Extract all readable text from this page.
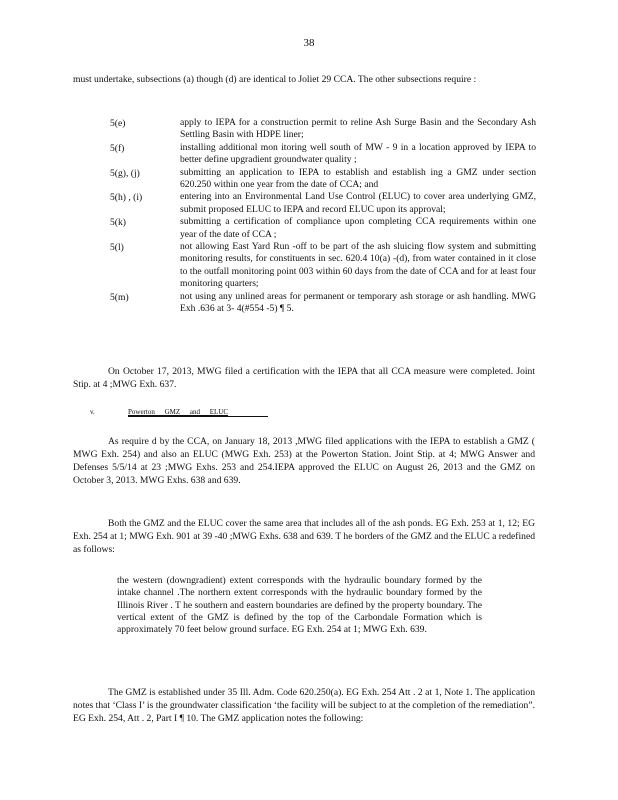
38
must undertake, subsections (a) though (d) are identical to Joliet 29 CCA. The other subsections require :
5(e)	apply to IEPA for a construction permit to reline Ash Surge Basin and the Secondary Ash Settling Basin with HDPE liner;
5(f)	installing additional mon itoring well south of MW - 9 in a location approved by IEPA to better define upgradient groundwater quality ;
5(g), (j)	submitting an application to IEPA to establish and establish ing a GMZ under section 620.250 within one year from the date of CCA; and
5(h) , (i)	entering into an Environmental Land Use Control (ELUC) to cover area underlying GMZ, submit proposed ELUC to IEPA and record ELUC upon its approval;
5(k)	submitting a certification of compliance upon completing CCA requirements within one year of the date of CCA ;
5(l)	not allowing East Yard Run -off to be part of the ash sluicing flow system and submitting monitoring results, for constituents in sec. 620.4 10(a) -(d), from water contained in it close to the outfall monitoring point 003 within 60 days from the date of CCA and for at least four monitoring quarters;
5(m)	not using any unlined areas for permanent or temporary ash storage or ash handling. MWG Exh .636 at 3- 4(#554 -5) ¶ 5.
On October 17, 2013, MWG filed a certification with the IEPA that all CCA measure were completed. Joint Stip. at 4 ;MWG Exh. 637.
v.	Powerton GMZ and ELUC
As require d by the CCA, on January 18, 2013 ,MWG filed applications with the IEPA to establish a GMZ ( MWG Exh. 254) and also an ELUC (MWG Exh. 253) at the Powerton Station. Joint Stip. at 4; MWG Answer and Defenses 5/5/14 at 23 ;MWG Exhs. 253 and 254.IEPA approved the ELUC on August 26, 2013 and the GMZ on October 3, 2013. MWG Exhs. 638 and 639.
Both the GMZ and the ELUC cover the same area that includes all of the ash ponds. EG Exh. 253 at 1, 12; EG Exh. 254 at 1; MWG Exh. 901 at 39 -40 ;MWG Exhs. 638 and 639. T he borders of the GMZ and the ELUC a redefined as follows:
the western (downgradient) extent corresponds with the hydraulic boundary formed by the intake channel .The northern extent corresponds with the hydraulic boundary formed by the Illinois River . T he southern and eastern boundaries are defined by the property boundary. The vertical extent of the GMZ is defined by the top of the Carbondale Formation which is approximately 70 feet below ground surface. EG Exh. 254 at 1; MWG Exh. 639.
The GMZ is established under 35 Ill. Adm. Code 620.250(a). EG Exh. 254 Att . 2 at 1, Note 1. The application notes that ‘Class I’ is the groundwater classification ‘the facility will be subject to at the completion of the remediation”. EG Exh. 254, Att . 2, Part I ¶ 10. The GMZ application notes the following:
